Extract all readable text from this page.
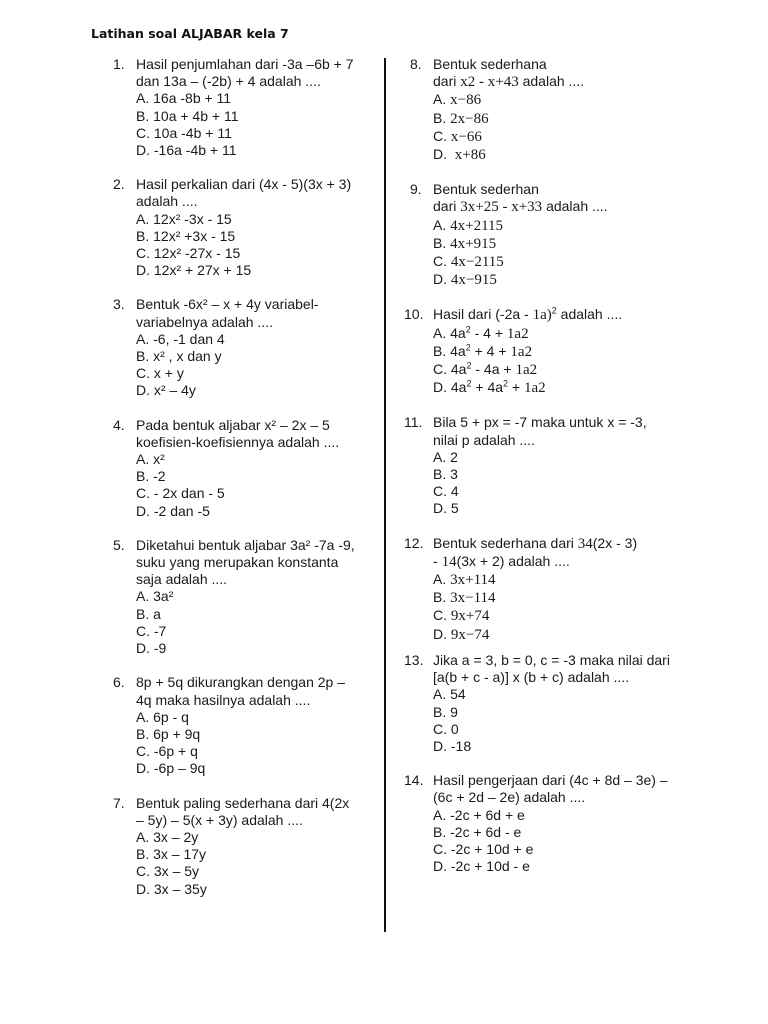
Latihan soal ALJABAR kela 7
1. Hasil penjumlahan dari -3a –6b + 7
dan 13a – (-2b) + 4 adalah ....
A. 16a -8b + 11
B. 10a + 4b + 11
C. 10a -4b + 11
D. -16a -4b + 11
2. Hasil perkalian dari (4x - 5)(3x + 3)
adalah ....
A. 12x² -3x - 15
B. 12x² +3x - 15
C. 12x² -27x - 15
D. 12x² + 27x + 15
3. Bentuk -6x² – x + 4y variabel-
variabelnya adalah ....
A. -6, -1 dan 4
B. x² , x dan y
C. x + y
D. x² – 4y
4. Pada bentuk aljabar x² – 2x – 5
koefisien-koefisiennya adalah ....
A. x²
B. -2
C. - 2x dan - 5
D. -2 dan -5
5. Diketahui bentuk aljabar 3a² -7a -9,
suku yang merupakan konstanta
saja adalah ....
A. 3a²
B. a
C. -7
D. -9
6. 8p + 5q dikurangkan dengan 2p –
4q maka hasilnya adalah ....
A. 6p - q
B. 6p + 9q
C. -6p + q
D. -6p – 9q
7. Bentuk paling sederhana dari 4(2x
– 5y) – 5(x + 3y) adalah ....
A. 3x – 2y
B. 3x – 17y
C. 3x – 5y
D. 3x – 35y
8. Bentuk sederhana
dari x2 - x+43 adalah ....
A. x−86
B. 2x−86
C. x−66
D. x+86
9. Bentuk sederhan
dari 3x+25 - x+33 adalah ....
A. 4x+2115
B. 4x+915
C. 4x−2115
D. 4x−915
10. Hasil dari (-2a - 1a)$^2$ adalah ....
A. $4a^2 - 4 + 1a2$
B. $4a^2 + 4 + 1a2$
C. $4a^2 - 4a + 1a2$
D. $4a^2 + 4a^2 + 1a2$
11. Bila 5 + px = -7 maka untuk x = -3,
nilai p adalah ....
A. 2
B. 3
C. 4
D. 5
12. Bentuk sederhana dari 34(2x - 3)
- 14(3x + 2) adalah ....
A. 3x+114
B. 3x−114
C. 9x+74
D. 9x−74
13. Jika a = 3, b = 0, c = -3 maka nilai dari
[a(b + c - a)] x (b + c) adalah ....
A. 54
B. 9
C. 0
D. -18
14. Hasil pengerjaan dari (4c + 8d – 3e) –
(6c + 2d – 2e) adalah ....
A. -2c + 6d + e
B. -2c + 6d - e
C. -2c + 10d + e
D. -2c + 10d - e
